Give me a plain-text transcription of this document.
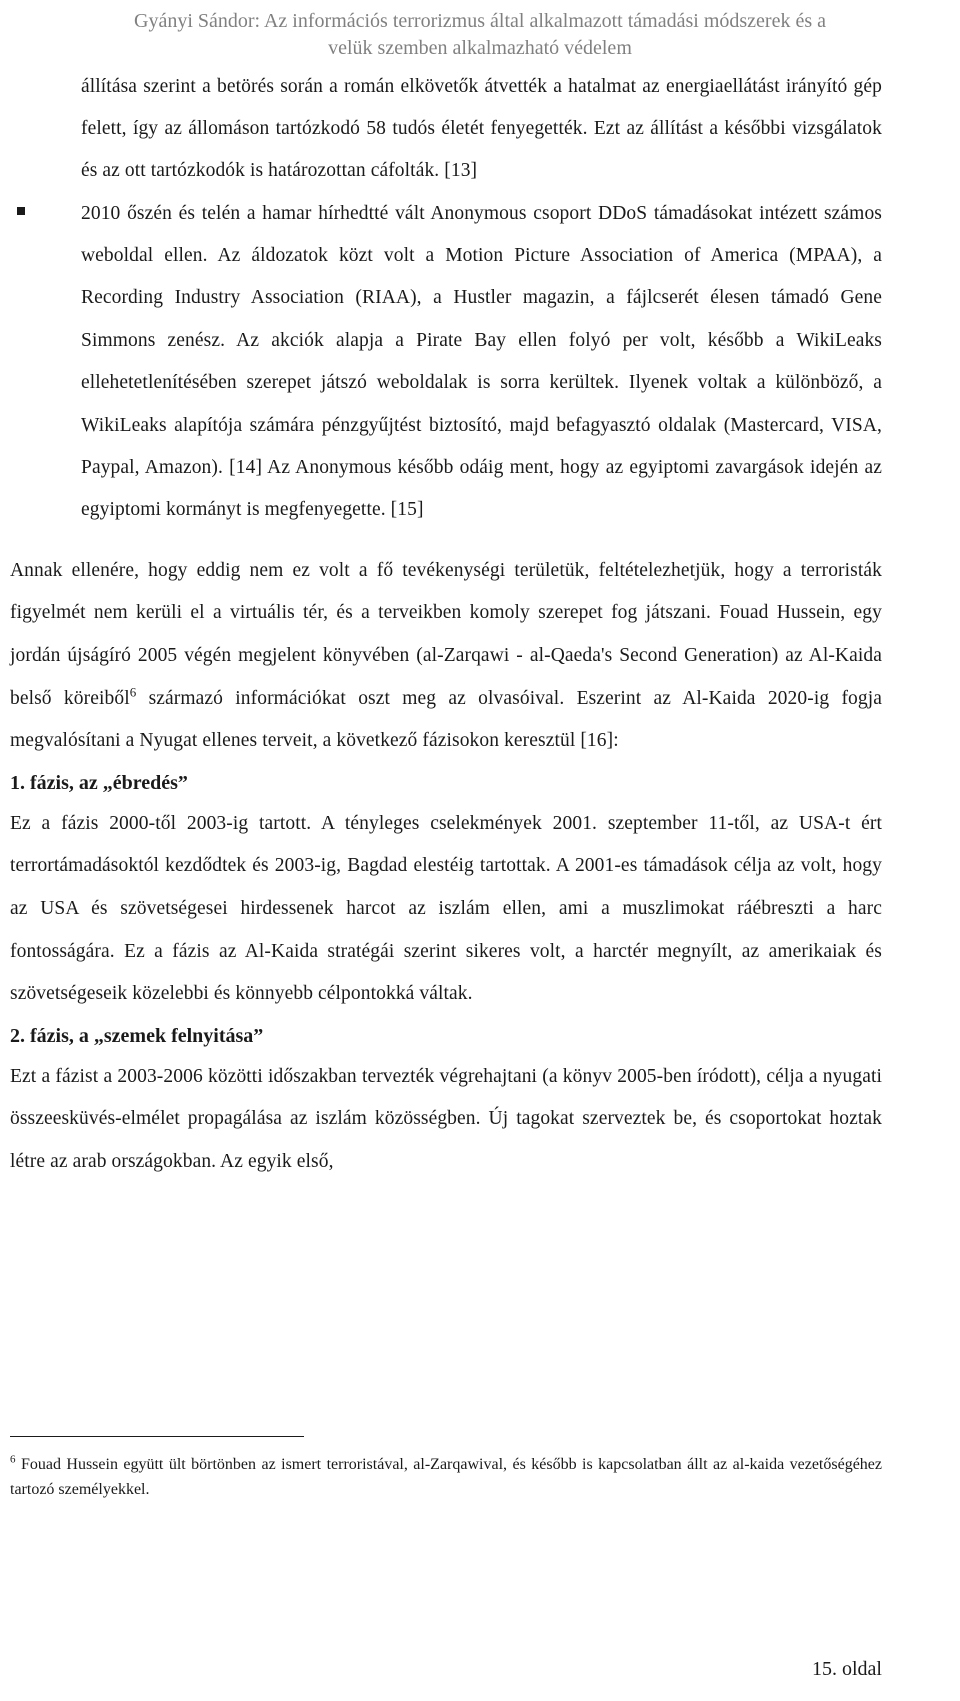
Gyányi Sándor: Az információs terrorizmus által alkalmazott támadási módszerek és a
velük szemben alkalmazható védelem

állítása szerint a betörés során a román elkövetők átvették a hatalmat az energiaellátást irányító gép felett, így az állomáson tartózkodó 58 tudós életét fenyegették. Ezt az állítást a későbbi vizsgálatok és az ott tartózkodók is határozottan cáfolták. [13]

2010 őszén és telén a hamar hírhedtté vált Anonymous csoport DDoS támadásokat intézett számos weboldal ellen. Az áldozatok közt volt a Motion Picture Association of America (MPAA), a Recording Industry Association (RIAA), a Hustler magazin, a fájlcserét élesen támadó Gene Simmons zenész. Az akciók alapja a Pirate Bay ellen folyó per volt, később a WikiLeaks ellehetetlenítésében szerepet játszó weboldalak is sorra kerültek. Ilyenek voltak a különböző, a WikiLeaks alapítója számára pénzgyűjtést biztosító, majd befagyasztó oldalak (Mastercard, VISA, Paypal, Amazon). [14] Az Anonymous később odáig ment, hogy az egyiptomi zavargások idején az egyiptomi kormányt is megfenyegette. [15]

Annak ellenére, hogy eddig nem ez volt a fő tevékenységi területük, feltételezhetjük, hogy a terroristák figyelmét nem kerüli el a virtuális tér, és a terveikben komoly szerepet fog játszani. Fouad Hussein, egy jordán újságíró 2005 végén megjelent könyvében (al-Zarqawi - al-Qaeda's Second Generation) az Al-Kaida belső köreiből$^6$ származó információkat oszt meg az olvasóival. Eszerint az Al-Kaida 2020-ig fogja megvalósítani a Nyugat ellenes terveit, a következő fázisokon keresztül [16]:

1. fázis, az „ébredés”

Ez a fázis 2000-től 2003-ig tartott. A tényleges cselekmények 2001. szeptember 11-től, az USA-t ért terrortámadásoktól kezdődtek és 2003-ig, Bagdad elestéig tartottak. A 2001-es támadások célja az volt, hogy az USA és szövetségesei hirdessenek harcot az iszlám ellen, ami a muszlimokat ráébreszti a harc fontosságára. Ez a fázis az Al-Kaida stratégái szerint sikeres volt, a harctér megnyílt, az amerikaiak és szövetségeseik közelebbi és könnyebb célpontokká váltak.

2. fázis, a „szemek felnyitása”

Ezt a fázist a 2003-2006 közötti időszakban tervezték végrehajtani (a könyv 2005-ben íródott), célja a nyugati összeesküvés-elmélet propagálása az iszlám közösségben. Új tagokat szerveztek be, és csoportokat hoztak létre az arab országokban. Az egyik első,

$^6$ Fouad Hussein együtt ült börtönben az ismert terroristával, al-Zarqawival, és később is kapcsolatban állt az al-kaida vezetőségéhez tartozó személyekkel.
15. oldal
